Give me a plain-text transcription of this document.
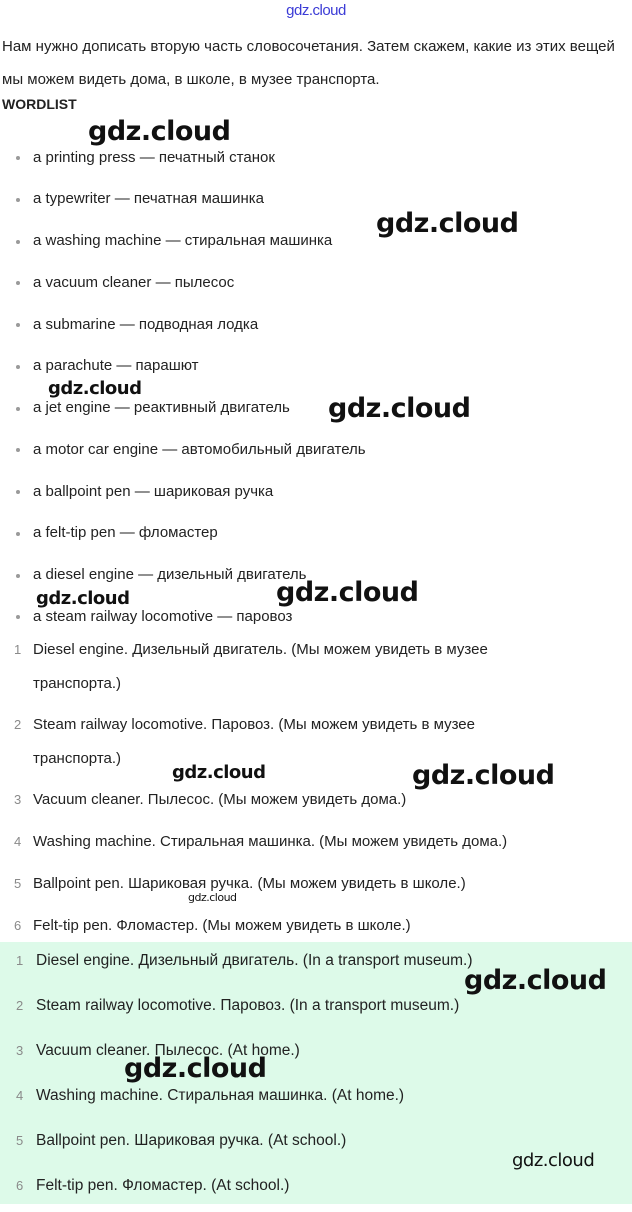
gdz.cloud
Нам нужно дописать вторую часть словосочетания. Затем скажем, какие из этих вещей мы можем видеть дома, в школе, в музее транспорта.
WORDLIST
a printing press — печатный станок
a typewriter — печатная машинка
a washing machine — стиральная машинка
a vacuum cleaner — пылесос
a submarine — подводная лодка
a parachute — парашют
a jet engine — реактивный двигатель
a motor car engine — автомобильный двигатель
a ballpoint pen — шариковая ручка
a felt-tip pen — фломастер
a diesel engine — дизельный двигатель
a steam railway locomotive — паровоз
1 Diesel engine. Дизельный двигатель. (Мы можем увидеть в музее
транспорта.)
2 Steam railway locomotive. Паровоз. (Мы можем увидеть в музее
транспорта.)
3 Vacuum cleaner. Пылесос. (Мы можем увидеть дома.)
4 Washing machine. Стиральная машинка. (Мы можем увидеть дома.)
5 Ballpoint pen. Шариковая ручка. (Мы можем увидеть в школе.)
6 Felt-tip pen. Фломастер. (Мы можем увидеть в школе.)
1 Diesel engine. Дизельный двигатель. (In a transport museum.)
2 Steam railway locomotive. Паровоз. (In a transport museum.)
3 Vacuum cleaner. Пылесос. (At home.)
4 Washing machine. Стиральная машинка. (At home.)
5 Ballpoint pen. Шариковая ручка. (At school.)
6 Felt-tip pen. Фломастер. (At school.)
gdz.cloud
gdz.cloud
gdz.cloud
gdz.cloud
gdz.cloud	gdz.cloud
gdz.cloud	gdz.cloud
gdz.cloud
gdz.cloud
gdz.cloud
gdz.cloud
